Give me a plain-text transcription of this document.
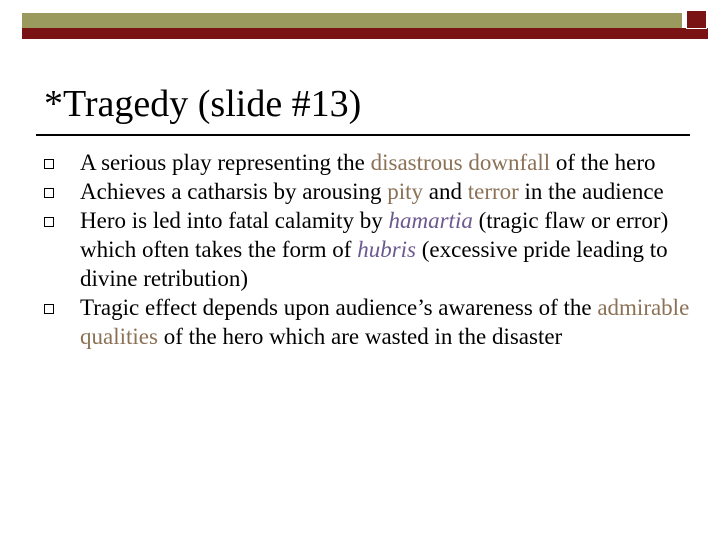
*Tragedy (slide #13)
A serious play representing the disastrous downfall of the hero
Achieves a catharsis by arousing pity and terror in the audience
Hero is led into fatal calamity by hamartia (tragic flaw or error) which often takes the form of hubris (excessive pride leading to divine retribution)
Tragic effect depends upon audience’s awareness of the admirable qualities of the hero which are wasted in the disaster
